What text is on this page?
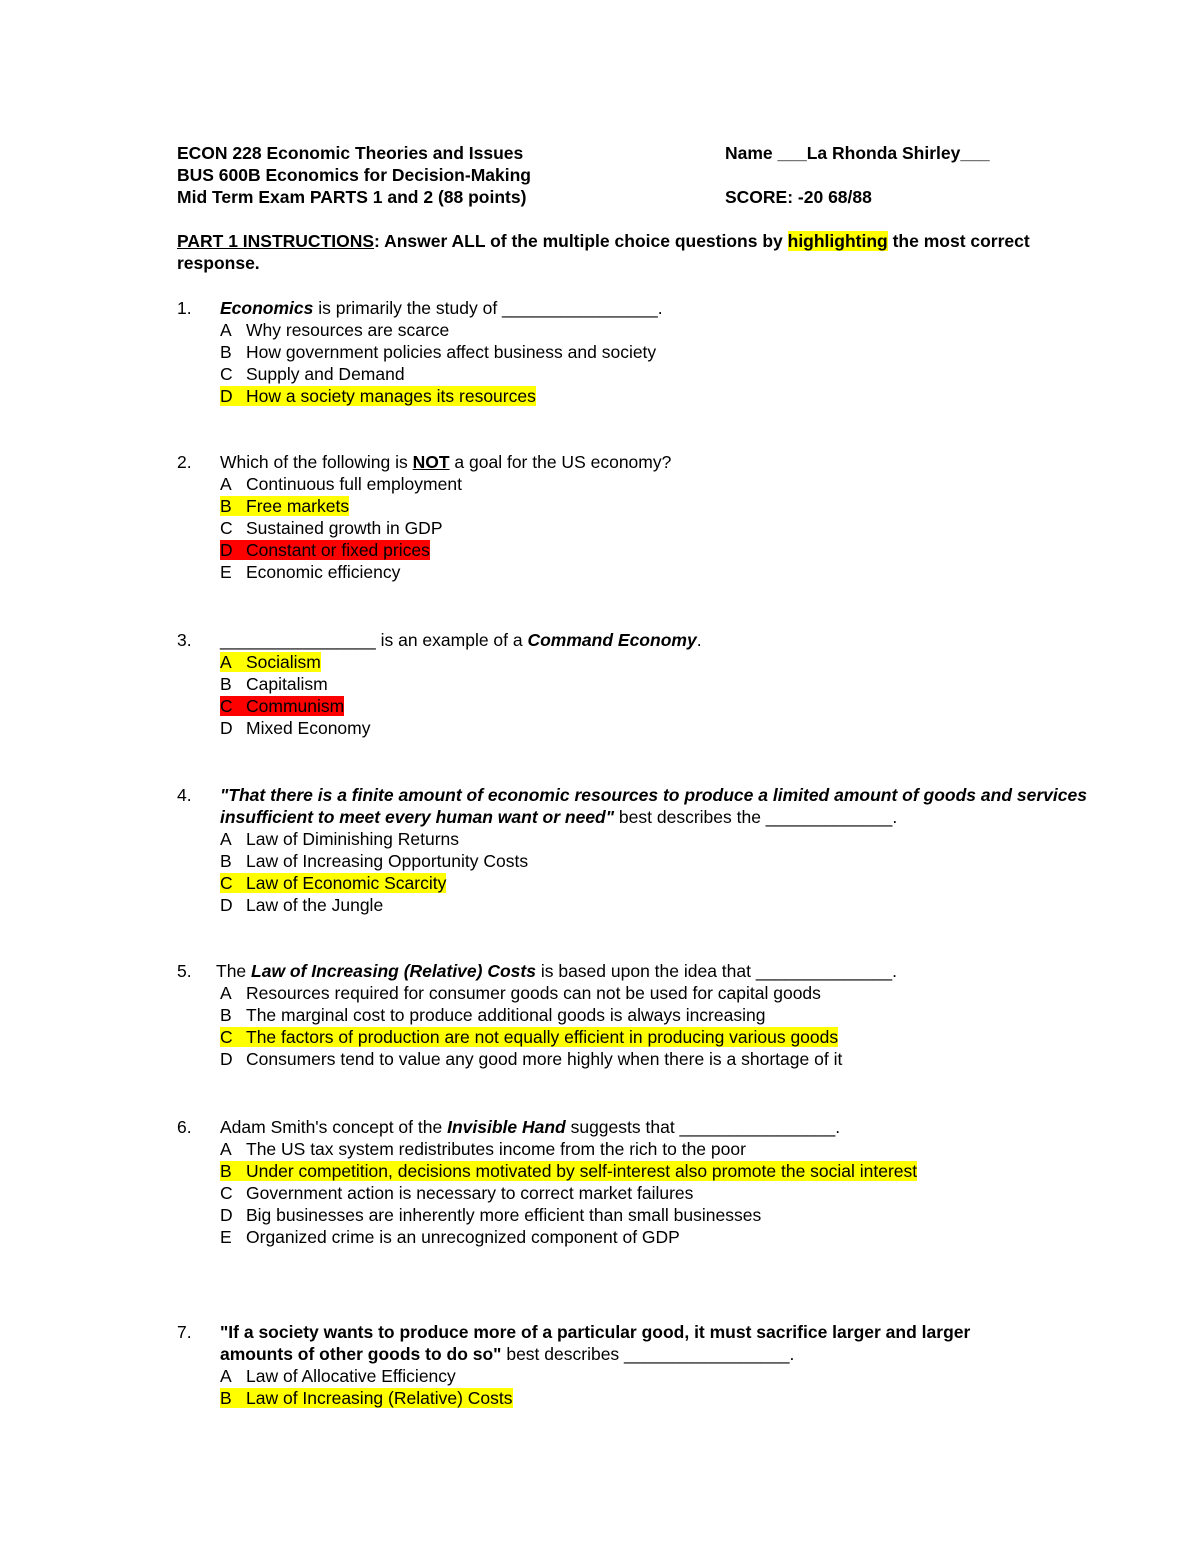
ECON 228 Economic Theories and Issues
BUS 600B Economics for Decision-Making
Mid Term Exam PARTS 1 and 2 (88 points)
Name ___La Rhonda Shirley___
SCORE: -20 68/88
PART 1 INSTRUCTIONS: Answer ALL of the multiple choice questions by highlighting the most correct response.
1. Economics is primarily the study of ________________.
A Why resources are scarce
B How government policies affect business and society
C Supply and Demand
D How a society manages its resources
2. Which of the following is NOT a goal for the US economy?
A Continuous full employment
B Free markets
C Sustained growth in GDP
D Constant or fixed prices
E Economic efficiency
3. ________________ is an example of a Command Economy.
A Socialism
B Capitalism
C Communism
D Mixed Economy
4. "That there is a finite amount of economic resources to produce a limited amount of goods and services insufficient to meet every human want or need" best describes the _____________.
A Law of Diminishing Returns
B Law of Increasing Opportunity Costs
C Law of Economic Scarcity
D Law of the Jungle
5. The Law of Increasing (Relative) Costs is based upon the idea that ______________.
A Resources required for consumer goods can not be used for capital goods
B The marginal cost to produce additional goods is always increasing
C The factors of production are not equally efficient in producing various goods
D Consumers tend to value any good more highly when there is a shortage of it
6. Adam Smith's concept of the Invisible Hand suggests that ________________.
A The US tax system redistributes income from the rich to the poor
B Under competition, decisions motivated by self-interest also promote the social interest
C Government action is necessary to correct market failures
D Big businesses are inherently more efficient than small businesses
E Organized crime is an unrecognized component of GDP
7. "If a society wants to produce more of a particular good, it must sacrifice larger and larger amounts of other goods to do so" best describes _________________.
A Law of Allocative Efficiency
B Law of Increasing (Relative) Costs
